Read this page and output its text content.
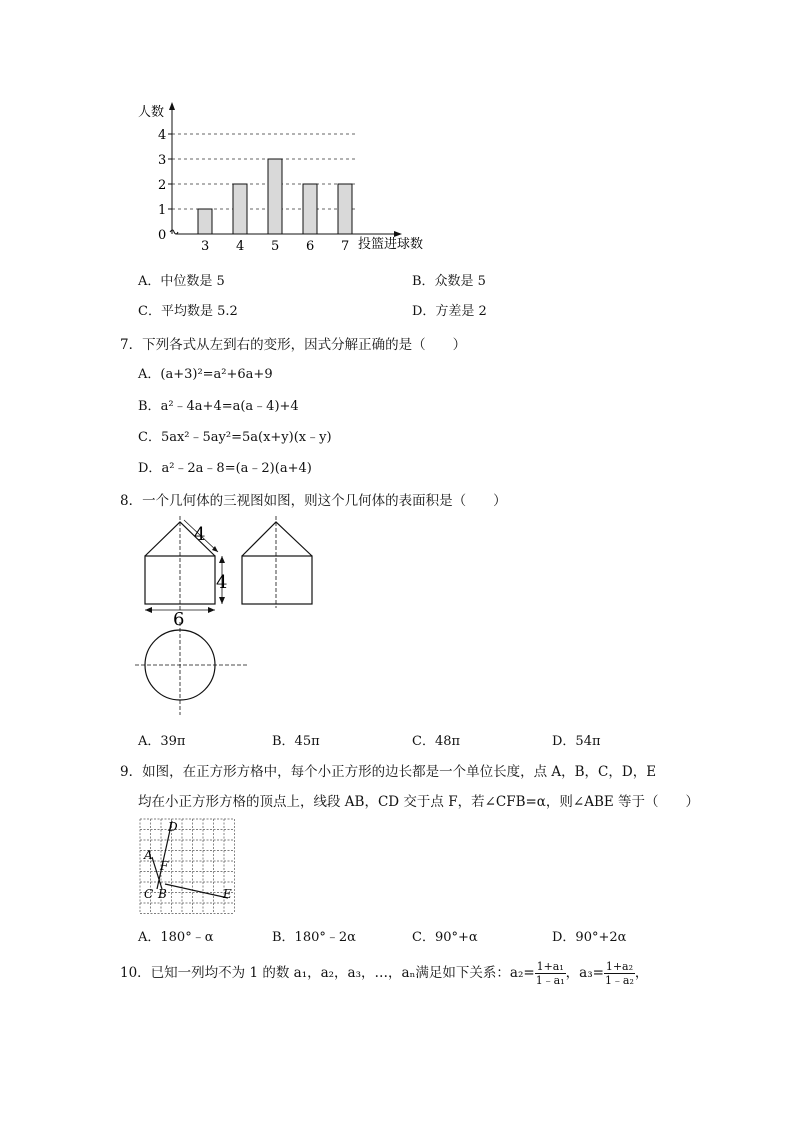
人数
0
1
2
3
4
3 4 5 6 7 投篮进球数
A．中位数是 5	B．众数是 5
C．平均数是 5.2	D．方差是 2
7．下列各式从左到右的变形，因式分解正确的是（　　）
A．(a+3)²=a²+6a+9
B．a²﹣4a+4=a(a﹣4)+4
C．5ax²﹣5ay²=5a(x+y)(x﹣y)
D．a²﹣2a﹣8=(a﹣2)(a+4)
8．一个几何体的三视图如图，则这个几何体的表面积是（　　）
4
4
6
A．39π	B．45π	C．48π	D．54π
9．如图，在正方形方格中，每个小正方形的边长都是一个单位长度，点 A，B，C，D，E
均在小正方形方格的顶点上，线段 AB，CD 交于点 F，若∠CFB=α，则∠ABE 等于（　　）
D
A
F
C B	E
A．180°﹣α	B．180°﹣2α	C．90°+α	D．90°+2α
10．已知一列均不为 1 的数 a₁，a₂，a₃，…，aₙ满足如下关系：$a_2= \frac{\text{1+a₁}}{\text{1﹣a₁}}$ ，$a_3= \frac{\text{1+a₂}}{\text{1﹣a₂}}$ ，
